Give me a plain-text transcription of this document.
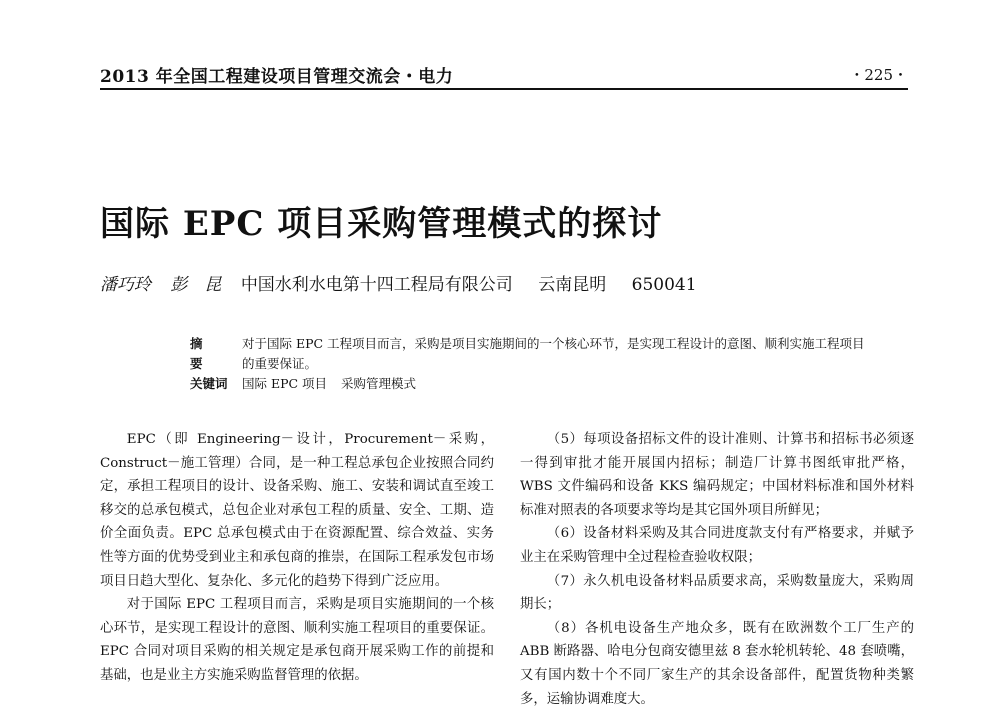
2013 年全国工程建设项目管理交流会・电力	・225・
国际 EPC 项目采购管理模式的探讨
潘巧玲 彭　昆 中国水利水电第十四工程局有限公司 云南昆明 650041
摘　要
对于国际 EPC 工程项目而言，采购是项目实施期间的一个核心环节，是实现工程设计的意图、顺利实施工程项目的重要保证。
关键词	国际 EPC 项目 采购管理模式

EPC（即 Engineering－设计，Procurement－采购，Construct－施工管理）合同，是一种工程总承包企业按照合同约定，承担工程项目的设计、设备采购、施工、安装和调试直至竣工移交的总承包模式，总包企业对承包工程的质量、安全、工期、造价全面负责。EPC 总承包模式由于在资源配置、综合效益、实务性等方面的优势受到业主和承包商的推崇，在国际工程承发包市场项目日趋大型化、复杂化、多元化的趋势下得到广泛应用。

对于国际 EPC 工程项目而言，采购是项目实施期间的一个核心环节，是实现工程设计的意图、顺利实施工程项目的重要保证。EPC 合同对项目采购的相关规定是承包商开展采购工作的前提和基础，也是业主方实施采购监督管理的依据。

（5）每项设备招标文件的设计准则、计算书和招标书必须逐一得到审批才能开展国内招标；制造厂计算书图纸审批严格，WBS 文件编码和设备 KKS 编码规定；中国材料标准和国外材料标准对照表的各项要求等均是其它国外项目所鲜见；

（6）设备材料采购及其合同进度款支付有严格要求，并赋予业主在采购管理中全过程检查验收权限；

（7）永久机电设备材料品质要求高，采购数量庞大，采购周期长；

（8）各机电设备生产地众多，既有在欧洲数个工厂生产的 ABB 断路器、哈电分包商安德里兹 8 套水轮机转轮、48 套喷嘴，又有国内数十个不同厂家生产的其余设备部件，配置货物种类繁多，运输协调难度大。
